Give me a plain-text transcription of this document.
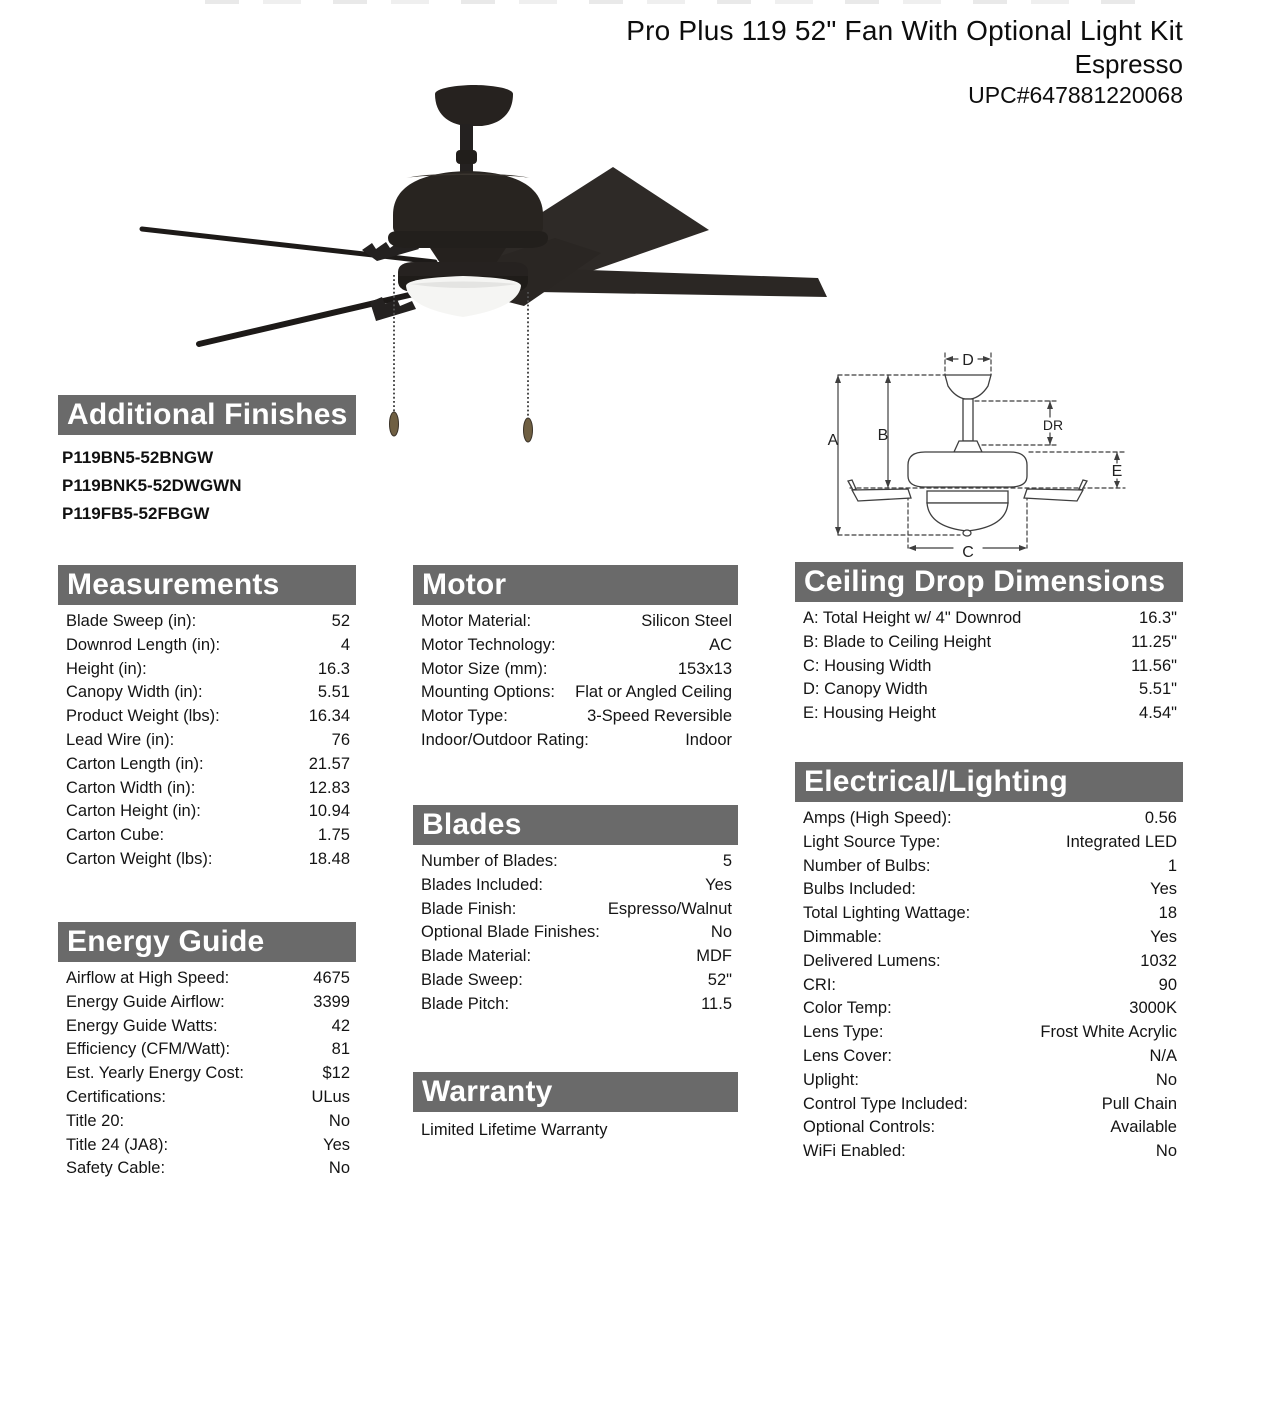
Pro Plus 119 52" Fan With Optional Light Kit
Espresso
UPC#647881220068
A B
C
D
E
DR
Additional Finishes
P119BN5-52BNGW
P119BNK5-52DWGWN
P119FB5-52FBGW
Measurements
Blade Sweep (in):	52
Downrod Length (in):	4
Height (in):	16.3
Canopy Width (in):	5.51
Product Weight (lbs):	16.34
Lead Wire (in):	76
Carton Length (in):	21.57
Carton Width (in):	12.83
Carton Height (in):	10.94
Carton Cube:	1.75
Carton Weight (lbs):	18.48
Energy Guide
Airflow at High Speed:	4675
Energy Guide Airflow:	3399
Energy Guide Watts:	42
Efficiency (CFM/Watt):	81
Est. Yearly Energy Cost:	$12
Certifications:	ULus
Title 20:	No
Title 24 (JA8):	Yes
Safety Cable:	No
Motor
Motor Material:	Silicon Steel
Motor Technology:	AC
Motor Size (mm):	153x13
Mounting Options: Flat or Angled Ceiling
Motor Type:	3-Speed Reversible
Indoor/Outdoor Rating:	Indoor
Blades
Number of Blades:	5
Blades Included:	Yes
Blade Finish:	Espresso/Walnut
Optional Blade Finishes:	No
Blade Material:	MDF
Blade Sweep:	52"
Blade Pitch:	11.5
Warranty
Limited Lifetime Warranty
Ceiling Drop Dimensions
A: Total Height w/ 4" Downrod	16.3"
B: Blade to Ceiling Height	11.25"
C: Housing Width	11.56"
D: Canopy Width	5.51"
E: Housing Height	4.54"
Electrical/Lighting
Amps (High Speed):	0.56
Light Source Type:	Integrated LED
Number of Bulbs:	1
Bulbs Included:	Yes
Total Lighting Wattage:	18
Dimmable:	Yes
Delivered Lumens:	1032
CRI:	90
Color Temp:	3000K
Lens Type:	Frost White Acrylic
Lens Cover:	N/A
Uplight:	No
Control Type Included:	Pull Chain
Optional Controls:	Available
WiFi Enabled:	No
